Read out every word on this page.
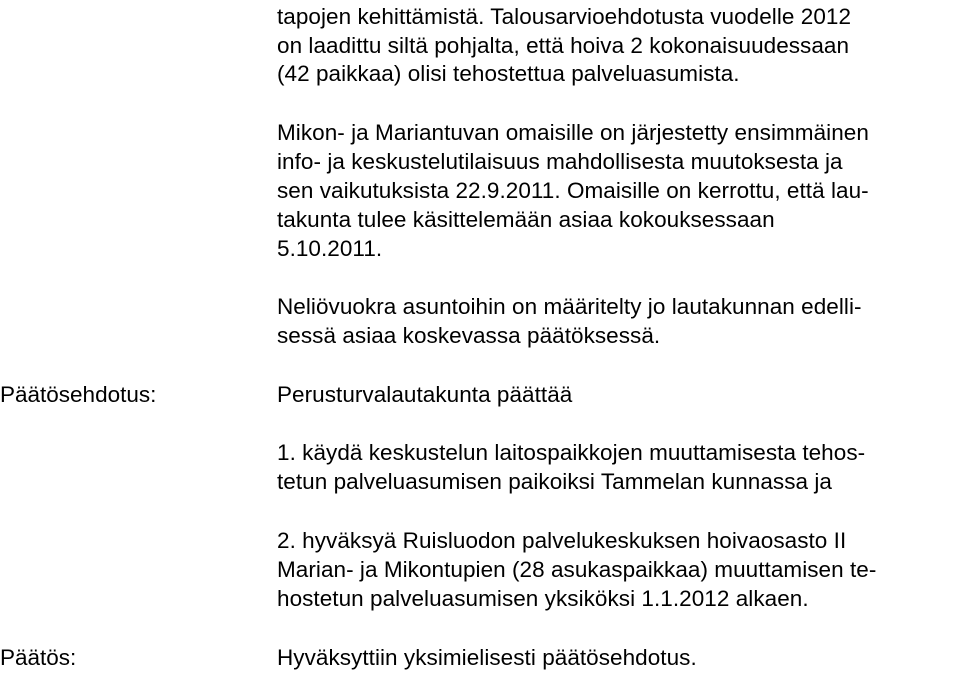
tapojen kehittämistä. Talousarvioehdotusta vuodelle 2012
on laadittu siltä pohjalta, että hoiva 2 kokonaisuudessaan
(42 paikkaa) olisi tehostettua palveluasumista.
Mikon- ja Mariantuvan omaisille on järjestetty ensimmäinen
info- ja keskustelutilaisuus mahdollisesta muutoksesta ja
sen vaikutuksista 22.9.2011. Omaisille on kerrottu, että lau-
takunta tulee käsittelemään asiaa kokouksessaan
5.10.2011.
Neliövuokra asuntoihin on määritelty jo lautakunnan edelli-
sessä asiaa koskevassa päätöksessä.
Päätösehdotus:	Perusturvalautakunta päättää
1. käydä keskustelun laitospaikkojen muuttamisesta tehos-
tetun palveluasumisen paikoiksi Tammelan kunnassa ja
2. hyväksyä Ruisluodon palvelukeskuksen hoivaosasto II
Marian- ja Mikontupien (28 asukaspaikkaa) muuttamisen te-
hostetun palveluasumisen yksiköksi 1.1.2012 alkaen.
Päätös:	Hyväksyttiin yksimielisesti päätösehdotus.
